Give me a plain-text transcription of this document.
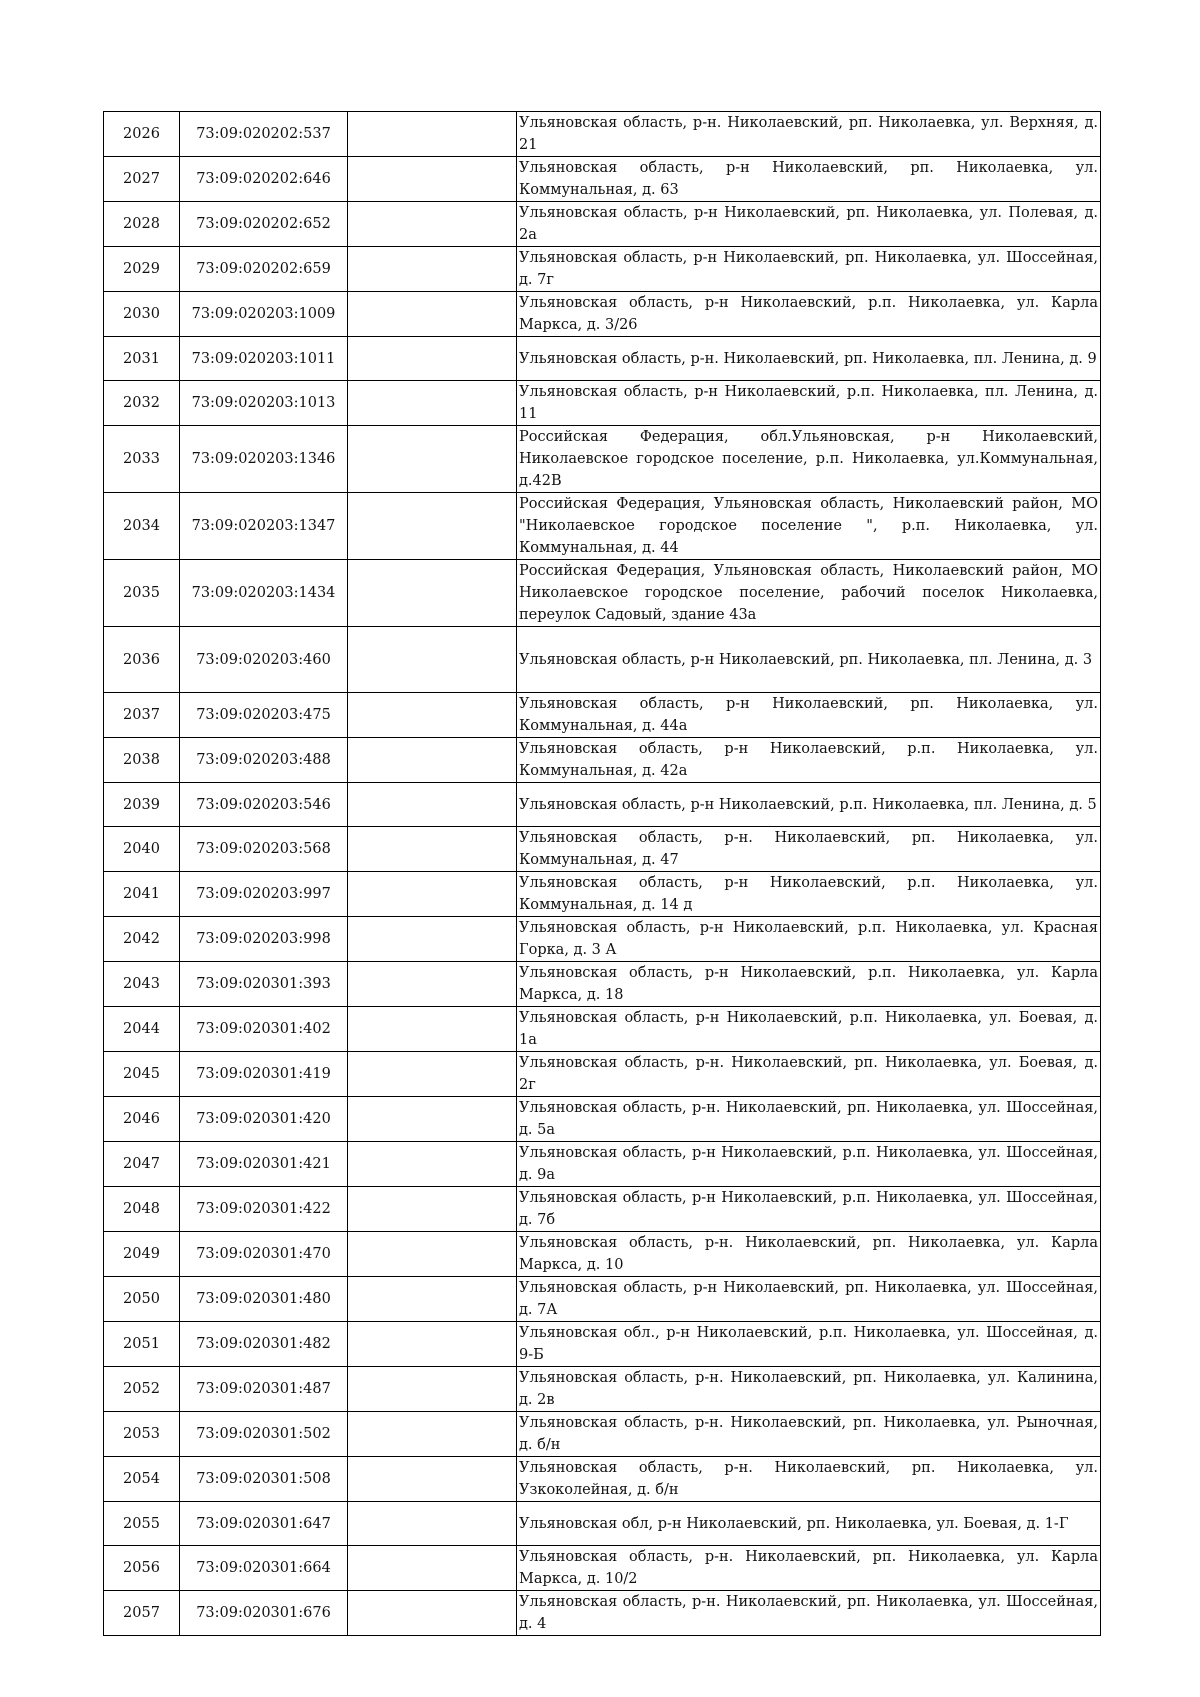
2026	73:09:020202:537		Ульяновская область, р-н. Николаевский, рп. Николаевка, ул. Верхняя, д. 21
2027	73:09:020202:646		Ульяновская область, р-н Николаевский, рп. Николаевка, ул. Коммунальная, д. 63
2028	73:09:020202:652		Ульяновская область, р-н Николаевский, рп. Николаевка, ул. Полевая, д. 2а
2029	73:09:020202:659		Ульяновская область, р-н Николаевский, рп. Николаевка, ул. Шоссейная, д. 7г
2030	73:09:020203:1009		Ульяновская область, р-н Николаевский, р.п. Николаевка, ул. Карла Маркса, д. 3/26
2031	73:09:020203:1011		Ульяновская область, р-н. Николаевский, рп. Николаевка, пл. Ленина, д. 9
2032	73:09:020203:1013		Ульяновская область, р-н Николаевский, р.п. Николаевка, пл. Ленина, д. 11
2033	73:09:020203:1346		Российская Федерация, обл.Ульяновская, р-н Николаевский, Николаевское городское поселение, р.п. Николаевка, ул.Коммунальная, д.42В
2034	73:09:020203:1347		Российская Федерация, Ульяновская область, Николаевский район, МО "Николаевское городское поселение ", р.п. Николаевка, ул. Коммунальная, д. 44
2035	73:09:020203:1434		Российская Федерация, Ульяновская область, Николаевский район, МО Николаевское городское поселение, рабочий поселок Николаевка, переулок Садовый, здание 43а
2036	73:09:020203:460		Ульяновская область, р-н Николаевский, рп. Николаевка, пл. Ленина, д. 3
2037	73:09:020203:475		Ульяновская область, р-н Николаевский, рп. Николаевка, ул. Коммунальная, д. 44а
2038	73:09:020203:488		Ульяновская область, р-н Николаевский, р.п. Николаевка, ул. Коммунальная, д. 42а
2039	73:09:020203:546		Ульяновская область, р-н Николаевский, р.п. Николаевка, пл. Ленина, д. 5
2040	73:09:020203:568		Ульяновская область, р-н. Николаевский, рп. Николаевка, ул. Коммунальная, д. 47
2041	73:09:020203:997		Ульяновская область, р-н Николаевский, р.п. Николаевка, ул. Коммунальная, д. 14 д
2042	73:09:020203:998		Ульяновская область, р-н Николаевский, р.п. Николаевка, ул. Красная Горка, д. 3 А
2043	73:09:020301:393		Ульяновская область, р-н Николаевский, р.п. Николаевка, ул. Карла Маркса, д. 18
2044	73:09:020301:402		Ульяновская область, р-н Николаевский, р.п. Николаевка, ул. Боевая, д. 1а
2045	73:09:020301:419		Ульяновская область, р-н. Николаевский, рп. Николаевка, ул. Боевая, д. 2г
2046	73:09:020301:420		Ульяновская область, р-н. Николаевский, рп. Николаевка, ул. Шоссейная, д. 5а
2047	73:09:020301:421		Ульяновская область, р-н Николаевский, р.п. Николаевка, ул. Шоссейная, д. 9а
2048	73:09:020301:422		Ульяновская область, р-н Николаевский, р.п. Николаевка, ул. Шоссейная, д. 7б
2049	73:09:020301:470		Ульяновская область, р-н. Николаевский, рп. Николаевка, ул. Карла Маркса, д. 10
2050	73:09:020301:480		Ульяновская область, р-н Николаевский, рп. Николаевка, ул. Шоссейная, д. 7А
2051	73:09:020301:482		Ульяновская обл., р-н Николаевский, р.п. Николаевка, ул. Шоссейная, д. 9-Б
2052	73:09:020301:487		Ульяновская область, р-н. Николаевский, рп. Николаевка, ул. Калинина, д. 2в
2053	73:09:020301:502		Ульяновская область, р-н. Николаевский, рп. Николаевка, ул. Рыночная, д. б/н
2054	73:09:020301:508		Ульяновская область, р-н. Николаевский, рп. Николаевка, ул. Узкоколейная, д. б/н
2055	73:09:020301:647		Ульяновская обл, р-н Николаевский, рп. Николаевка, ул. Боевая, д. 1-Г
2056	73:09:020301:664		Ульяновская область, р-н. Николаевский, рп. Николаевка, ул. Карла Маркса, д. 10/2
2057	73:09:020301:676		Ульяновская область, р-н. Николаевский, рп. Николаевка, ул. Шоссейная, д. 4
